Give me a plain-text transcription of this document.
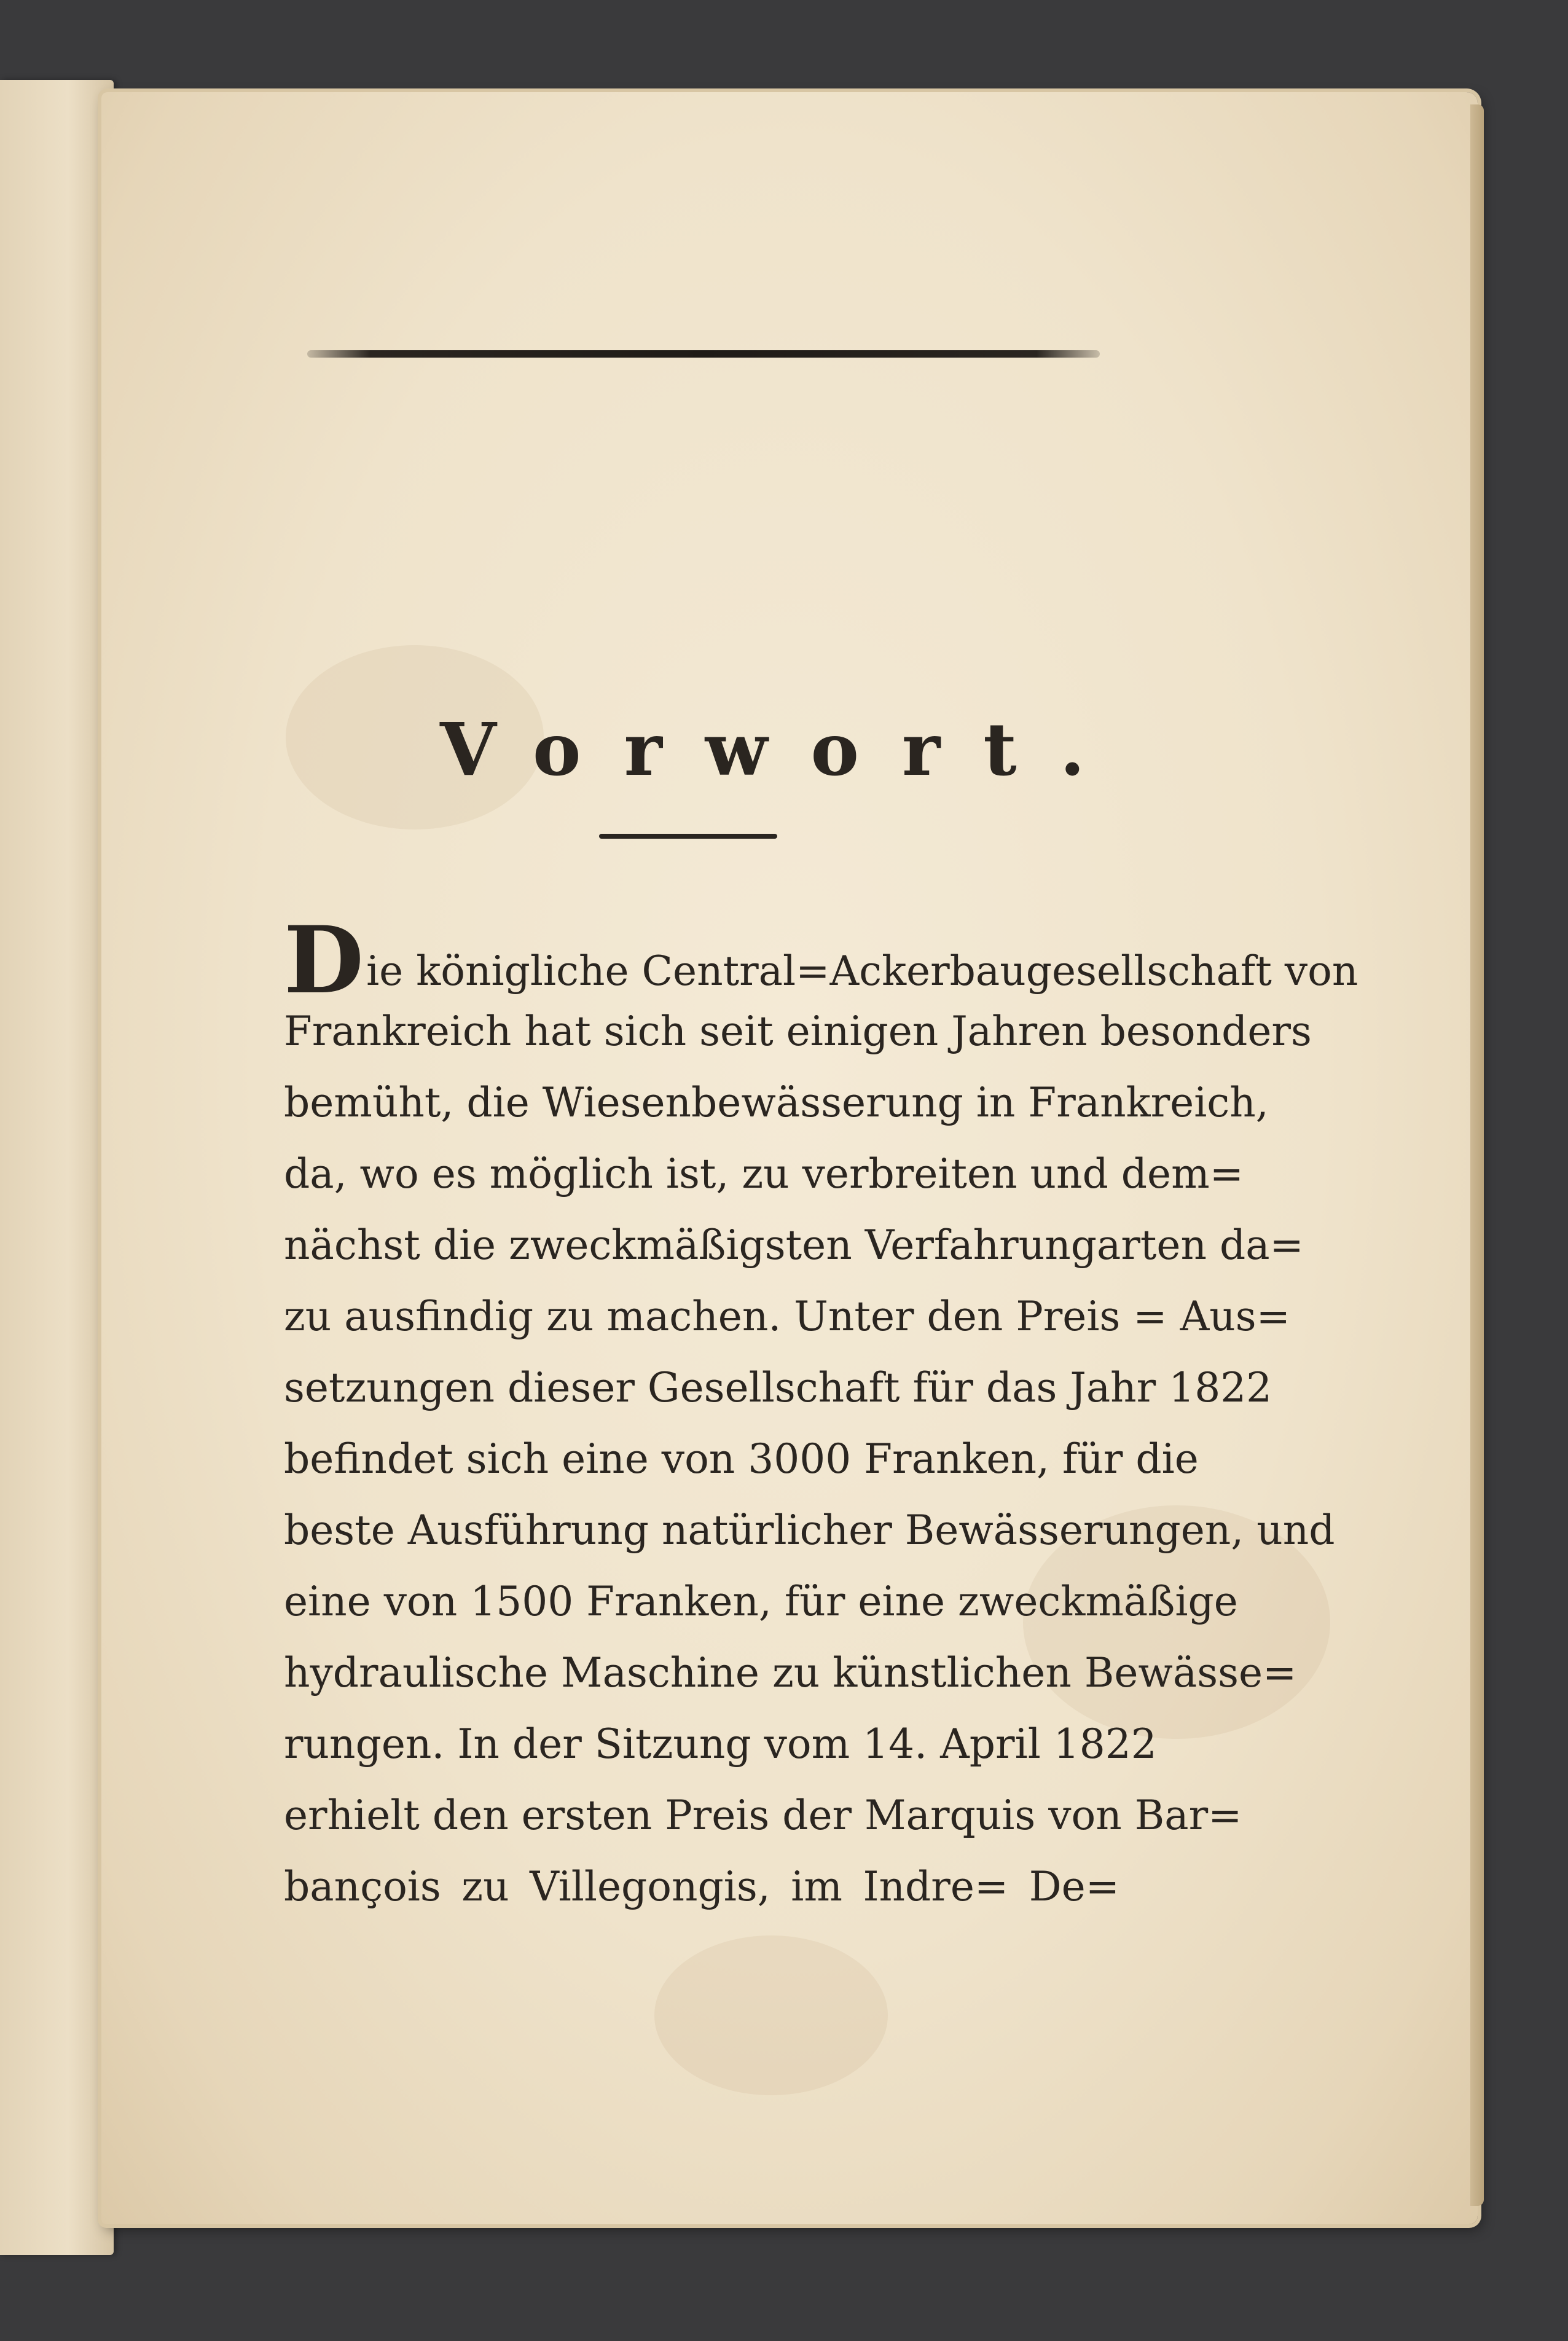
Vorwort.
Die königliche Central=Ackerbaugesellschaft von
Frankreich hat sich seit einigen Jahren besonders
bemüht, die Wiesenbewässerung in Frankreich,
da, wo es möglich ist, zu verbreiten und dem=
nächst die zweckmäßigsten Verfahrungarten da=
zu ausfindig zu machen. Unter den Preis = Aus=
setzungen dieser Gesellschaft für das Jahr 1822
befindet sich eine von 3000 Franken, für die
beste Ausführung natürlicher Bewässerungen, und
eine von 1500 Franken, für eine zweckmäßige
hydraulische Maschine zu künstlichen Bewässe=
rungen. In der Sitzung vom 14. April 1822
erhielt den ersten Preis der Marquis von Bar=
bançois zu Villegongis, im Indre= De=
